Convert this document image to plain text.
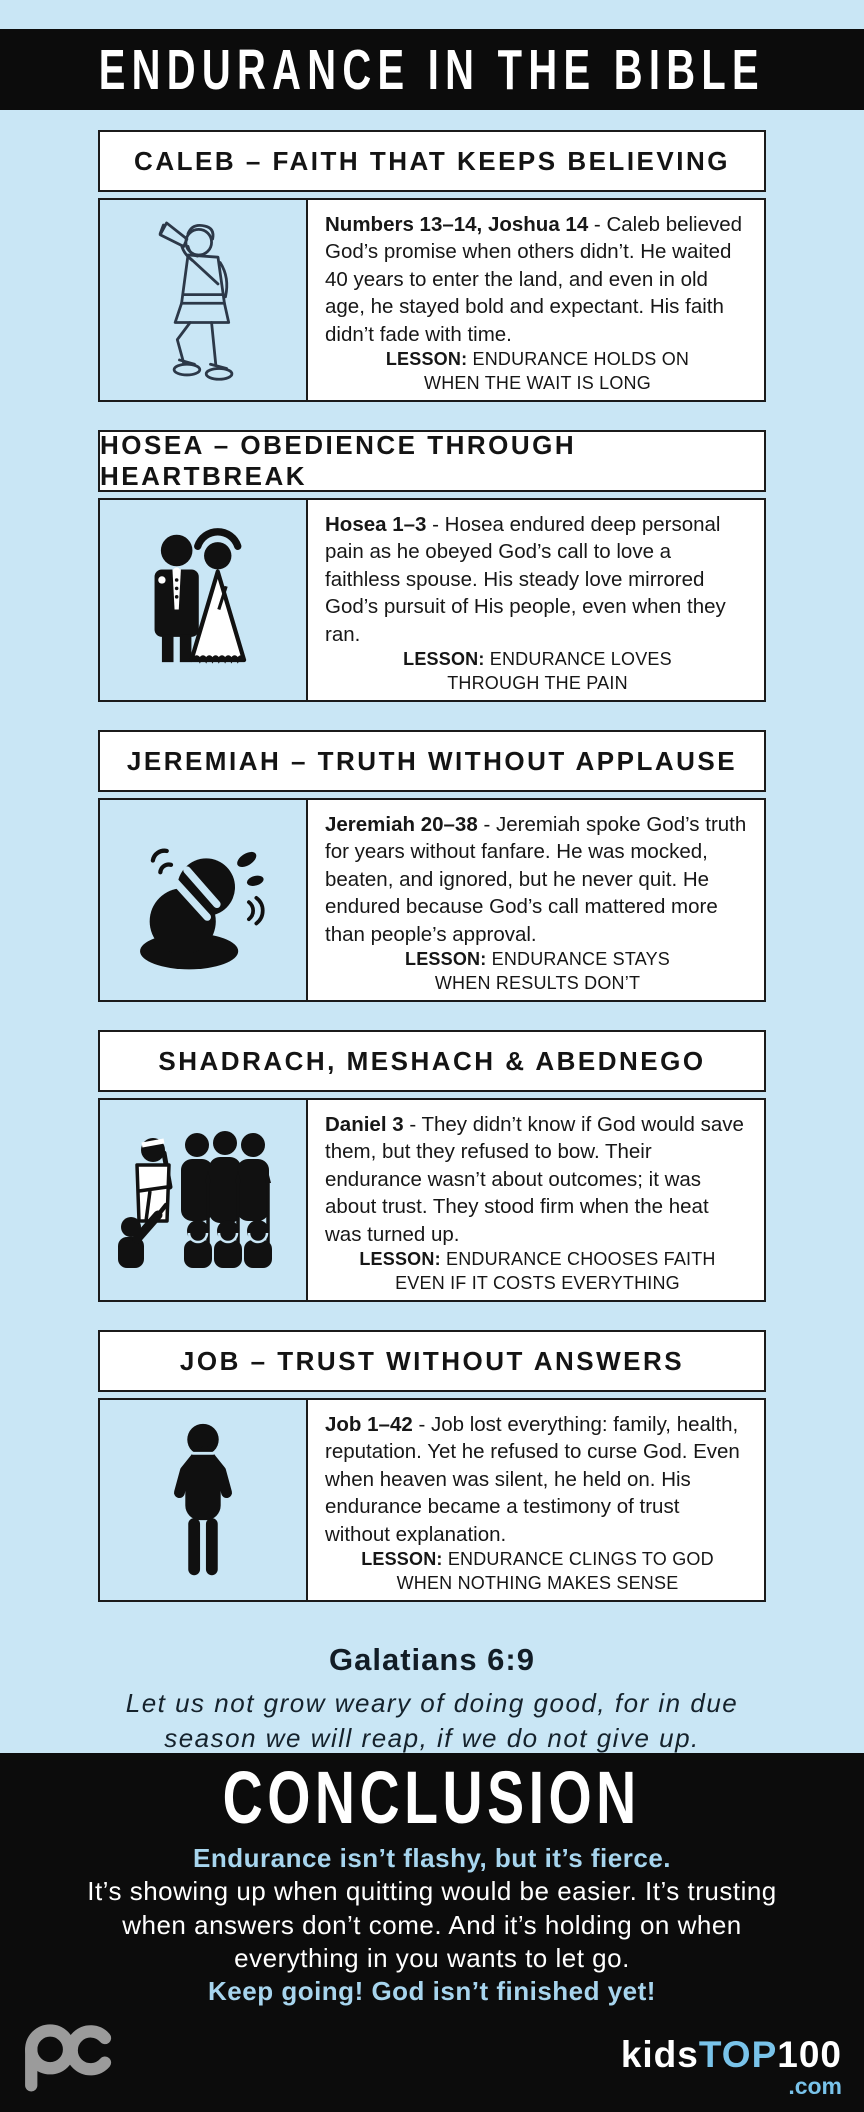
ENDURANCE IN THE BIBLE
CALEB – FAITH THAT KEEPS BELIEVING

Numbers 13–14, Joshua 14 - Caleb believed God’s promise when others didn’t. He waited 40 years to enter the land, and even in old age, he stayed bold and expectant. His faith didn’t fade with time.

LESSON: ENDURANCE HOLDS ON
WHEN THE WAIT IS LONG
HOSEA – OBEDIENCE THROUGH HEARTBREAK

Hosea 1–3 - Hosea endured deep personal pain as he obeyed God’s call to love a faithless spouse. His steady love mirrored God’s pursuit of His people, even when they ran.

LESSON: ENDURANCE LOVES
THROUGH THE PAIN
JEREMIAH – TRUTH WITHOUT APPLAUSE

Jeremiah 20–38 - Jeremiah spoke God’s truth for years without fanfare. He was mocked, beaten, and ignored, but he never quit. He endured because God’s call mattered more than people’s approval.

LESSON: ENDURANCE STAYS
WHEN RESULTS DON’T
SHADRACH, MESHACH & ABEDNEGO

Daniel 3 - They didn’t know if God would save them, but they refused to bow. Their endurance wasn’t about outcomes; it was about trust. They stood firm when the heat was turned up.

LESSON: ENDURANCE CHOOSES FAITH
EVEN IF IT COSTS EVERYTHING
JOB – TRUST WITHOUT ANSWERS

Job 1–42 - Job lost everything: family, health, reputation. Yet he refused to curse God. Even when heaven was silent, he held on. His endurance became a testimony of trust without explanation.

LESSON: ENDURANCE CLINGS TO GOD
WHEN NOTHING MAKES SENSE
Galatians 6:9
Let us not grow weary of doing good, for in due season we will reap, if we do not give up.
CONCLUSION
Endurance isn’t flashy, but it’s fierce.
It’s showing up when quitting would be easier. It’s trusting when answers don’t come. And it’s holding on when everything in you wants to let go.
Keep going! God isn’t finished yet!
kidsTOP100
.com
